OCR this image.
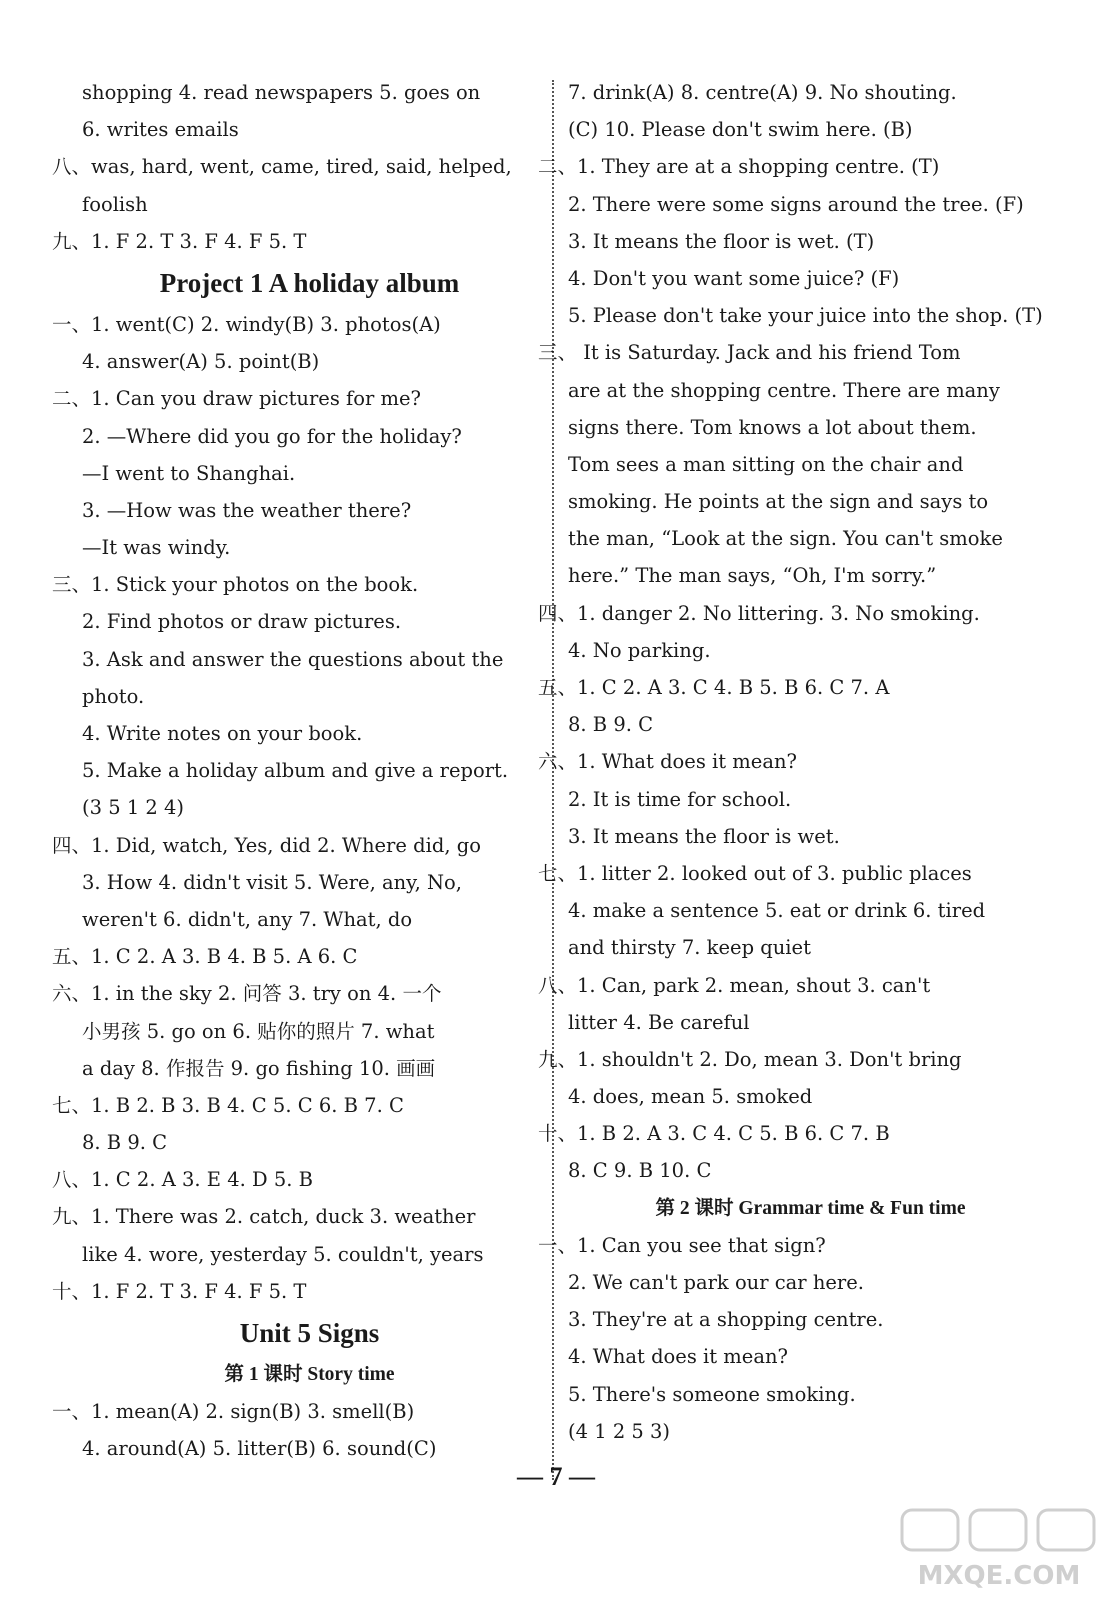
shopping 4. read newspapers 5. goes on
6. writes emails
八、was, hard, went, came, tired, said, helped,
foolish
九、1. F 2. T 3. F 4. F 5. T
Project 1 A holiday album
一、1. went(C) 2. windy(B) 3. photos(A)
4. answer(A) 5. point(B)
二、1. Can you draw pictures for me?
2. —Where did you go for the holiday?
—I went to Shanghai.
3. —How was the weather there?
—It was windy.
三、1. Stick your photos on the book.
2. Find photos or draw pictures.
3. Ask and answer the questions about the
photo.
4. Write notes on your book.
5. Make a holiday album and give a report.
(3 5 1 2 4)
四、1. Did, watch, Yes, did 2. Where did, go
3. How 4. didn't visit 5. Were, any, No,
weren't 6. didn't, any 7. What, do
五、1. C 2. A 3. B 4. B 5. A 6. C
六、1. in the sky 2. 问答 3. try on 4. 一个
小男孩 5. go on 6. 贴你的照片 7. what
a day 8. 作报告 9. go fishing 10. 画画
七、1. B 2. B 3. B 4. C 5. C 6. B 7. C
8. B 9. C
八、1. C 2. A 3. E 4. D 5. B
九、1. There was 2. catch, duck 3. weather
like 4. wore, yesterday 5. couldn't, years
十、1. F 2. T 3. F 4. F 5. T
Unit 5 Signs
第 1 课时 Story time
一、1. mean(A) 2. sign(B) 3. smell(B)
4. around(A) 5. litter(B) 6. sound(C)
7. drink(A) 8. centre(A) 9. No shouting.
(C) 10. Please don't swim here. (B)
二、1. They are at a shopping centre. (T)
2. There were some signs around the tree. (F)
3. It means the floor is wet. (T)
4. Don't you want some juice? (F)
5. Please don't take your juice into the shop. (T)
三、 It is Saturday. Jack and his friend Tom
are at the shopping centre. There are many
signs there. Tom knows a lot about them.
Tom sees a man sitting on the chair and
smoking. He points at the sign and says to
the man, “Look at the sign. You can't smoke
here.” The man says, “Oh, I'm sorry.”
四、1. danger 2. No littering. 3. No smoking.
4. No parking.
五、1. C 2. A 3. C 4. B 5. B 6. C 7. A
8. B 9. C
六、1. What does it mean?
2. It is time for school.
3. It means the floor is wet.
七、1. litter 2. looked out of 3. public places
4. make a sentence 5. eat or drink 6. tired
and thirsty 7. keep quiet
八、1. Can, park 2. mean, shout 3. can't
litter 4. Be careful
九、1. shouldn't 2. Do, mean 3. Don't bring
4. does, mean 5. smoked
十、1. B 2. A 3. C 4. C 5. B 6. C 7. B
8. C 9. B 10. C
第 2 课时 Grammar time & Fun time
一、1. Can you see that sign?
2. We can't park our car here.
3. They're at a shopping centre.
4. What does it mean?
5. There's someone smoking.
(4 1 2 5 3)
— 7 —
MXQE.COM
